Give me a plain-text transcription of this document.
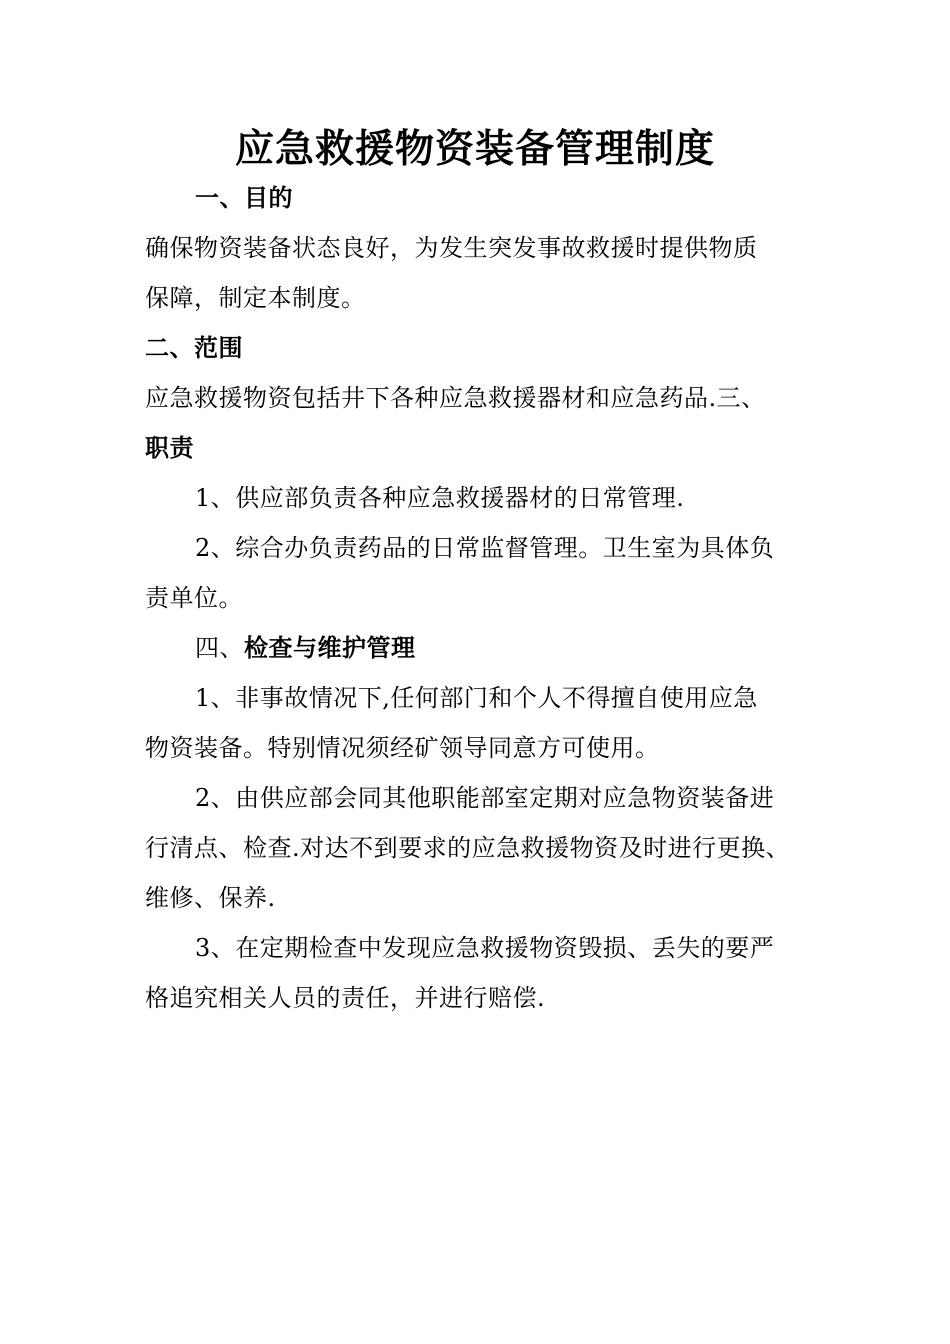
应急救援物资装备管理制度
一、目的
确保物资装备状态良好，为发生突发事故救援时提供物质
保障，制定本制度。
二、范围
应急救援物资包括井下各种应急救援器材和应急药品.三、
职责
1、供应部负责各种应急救援器材的日常管理.
2、综合办负责药品的日常监督管理。卫生室为具体负
责单位。
四、检查与维护管理
1、非事故情况下,任何部门和个人不得擅自使用应急
物资装备。特别情况须经矿领导同意方可使用。
2、由供应部会同其他职能部室定期对应急物资装备进
行清点、检查.对达不到要求的应急救援物资及时进行更换、
维修、保养.
3、在定期检查中发现应急救援物资毁损、丢失的要严
格追究相关人员的责任，并进行赔偿.
